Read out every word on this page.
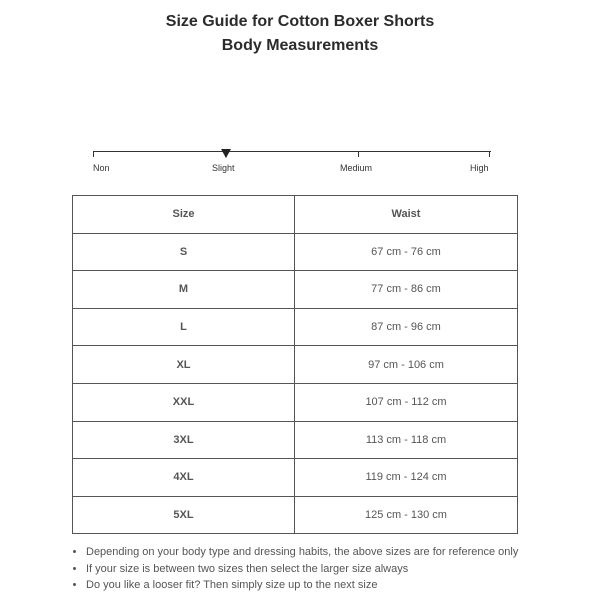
Size Guide for Cotton Boxer Shorts
Body Measurements
Non	Slight	Medium	High
Size	Waist
S	67 cm - 76 cm
M	77 cm - 86 cm
L	87 cm - 96 cm
XL	97 cm - 106 cm
XXL	107 cm - 112 cm
3XL	113 cm - 118 cm
4XL	119 cm - 124 cm
5XL	125 cm - 130 cm
• Depending on your body type and dressing habits, the above sizes are for reference only
• If your size is between two sizes then select the larger size always
• Do you like a looser fit? Then simply size up to the next size
